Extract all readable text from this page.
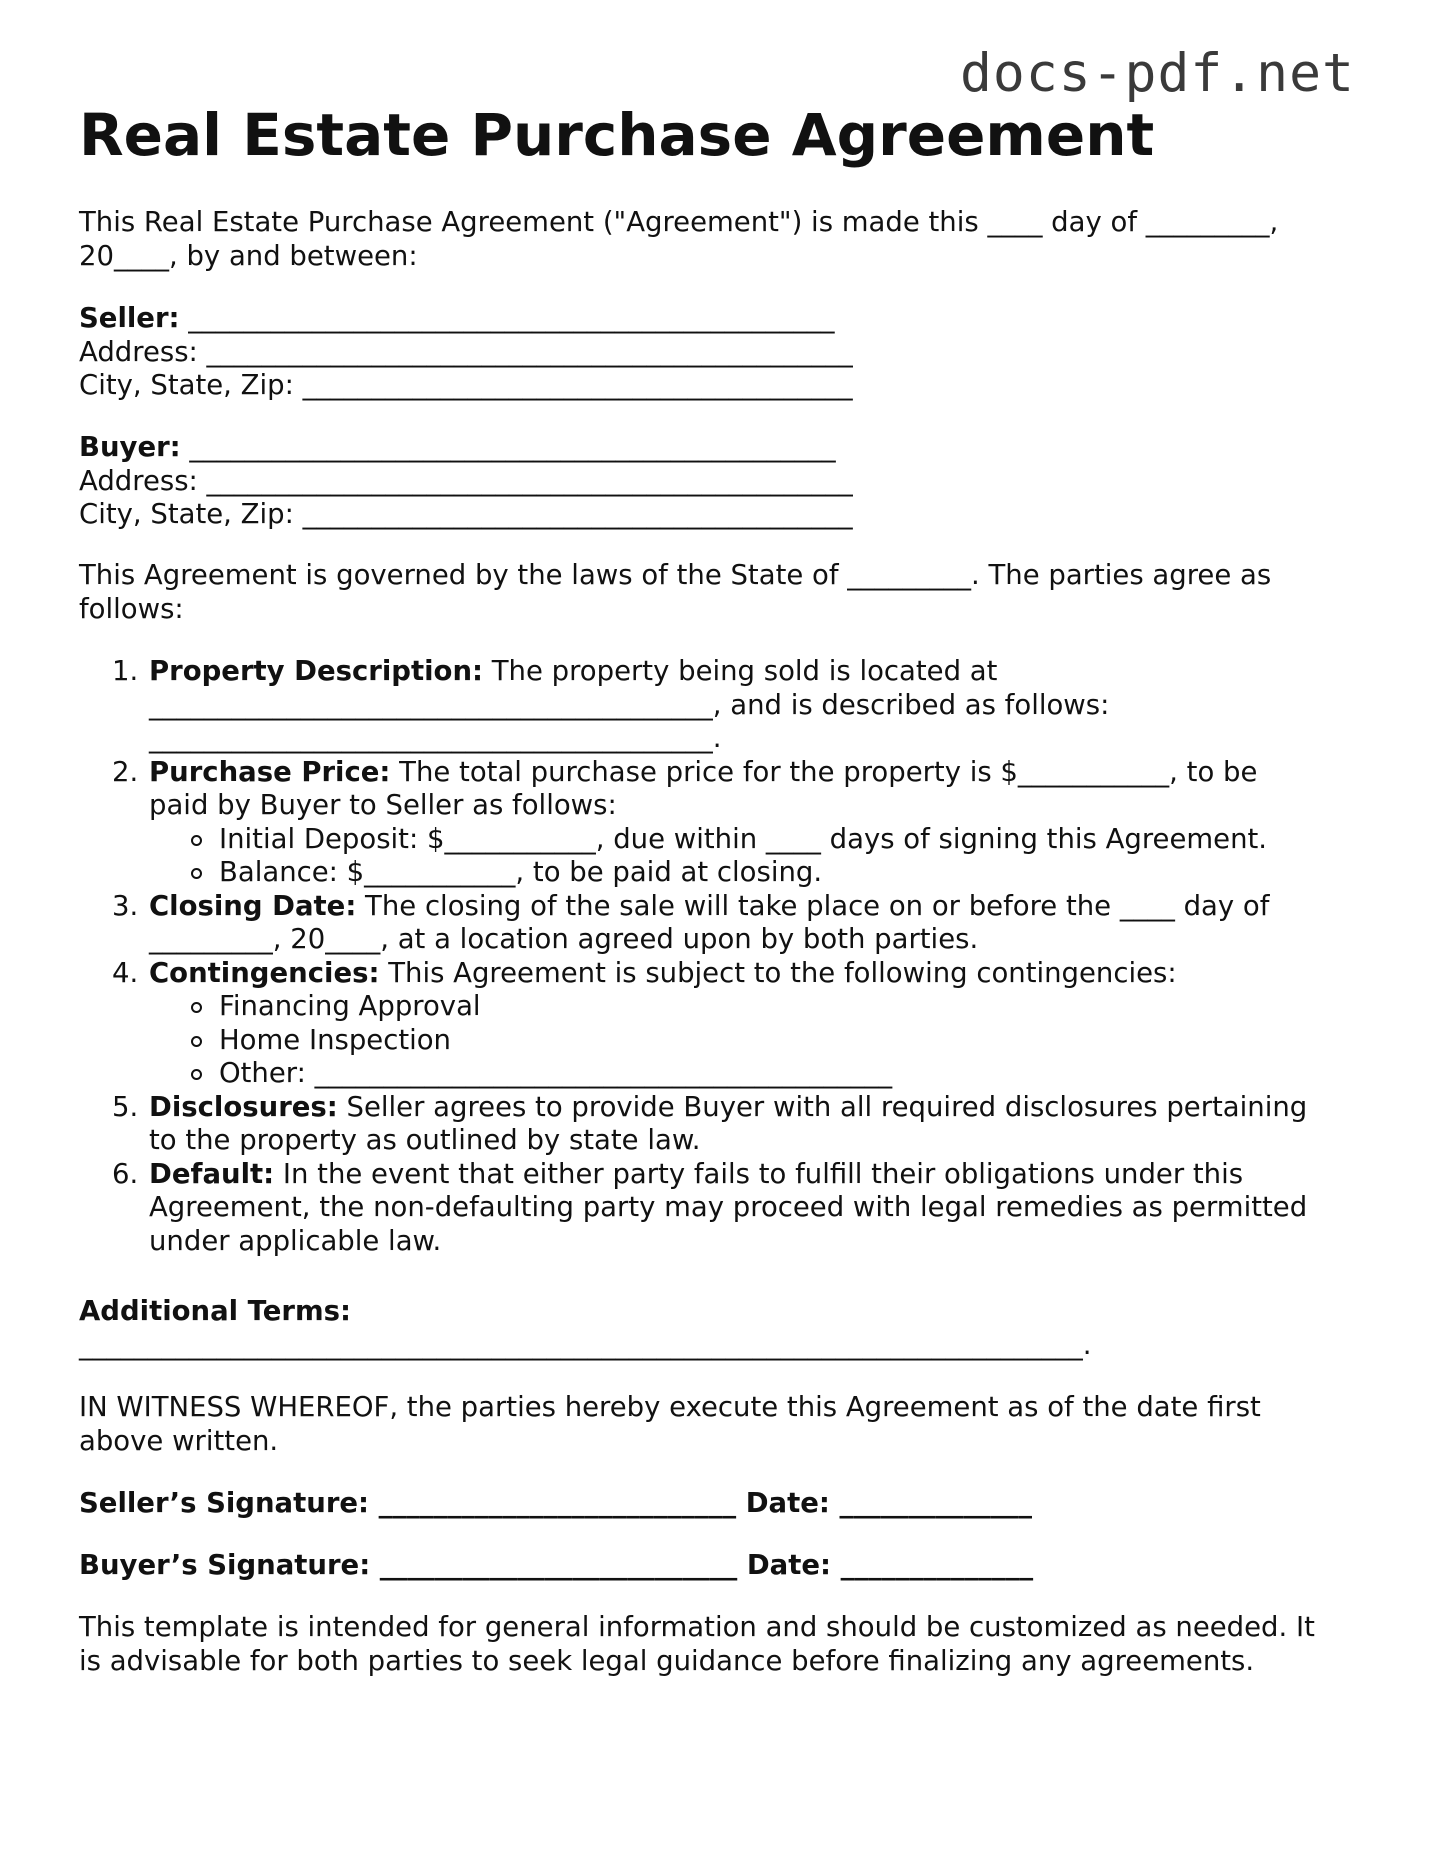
docs-pdf.net
Real Estate Purchase Agreement
This Real Estate Purchase Agreement ("Agreement") is made this ____ day of _________,
20____, by and between:
Seller: _______________________________________________
Address: _______________________________________________
City, State, Zip: ________________________________________
Buyer: _______________________________________________
Address: _______________________________________________
City, State, Zip: ________________________________________
This Agreement is governed by the laws of the State of _________. The parties agree as
follows:
1. Property Description: The property being sold is located at
_________________________________________, and is described as follows:
_________________________________________.
2. Purchase Price: The total purchase price for the property is $___________, to be
paid by Buyer to Seller as follows:
Initial Deposit: $___________, due within ____ days of signing this Agreement.
Balance: $___________, to be paid at closing.
3. Closing Date: The closing of the sale will take place on or before the ____ day of
_________, 20____, at a location agreed upon by both parties.
4. Contingencies: This Agreement is subject to the following contingencies:
Financing Approval
Home Inspection
Other: __________________________________________
5. Disclosures: Seller agrees to provide Buyer with all required disclosures pertaining
to the property as outlined by state law.
6. Default: In the event that either party fails to fulfill their obligations under this
Agreement, the non-defaulting party may proceed with legal remedies as permitted
under applicable law.
Additional Terms:
_________________________________________________________________________.
IN WITNESS WHEREOF, the parties hereby execute this Agreement as of the date first
above written.
Seller’s Signature: __________________________ Date: ______________
Buyer’s Signature: __________________________ Date: ______________
This template is intended for general information and should be customized as needed. It
is advisable for both parties to seek legal guidance before finalizing any agreements.
